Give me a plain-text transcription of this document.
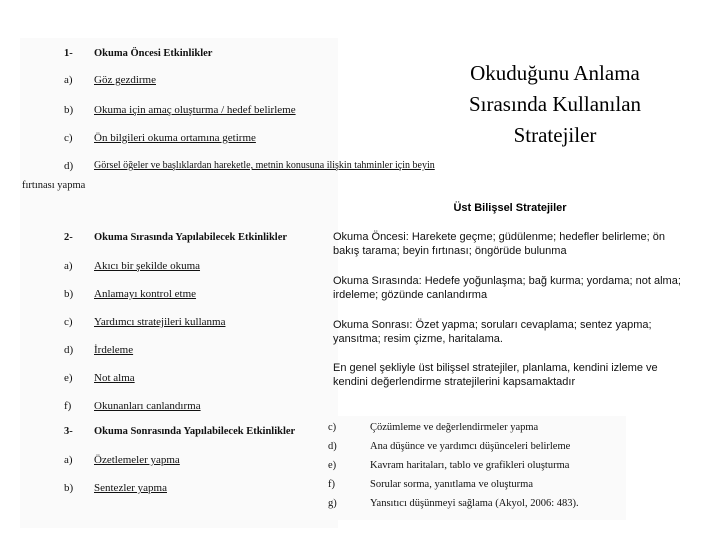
1-	Okuma Öncesi Etkinlikler
a)	Göz gezdirme
b)	Okuma için amaç oluşturma / hedef belirleme
c)	Ön bilgileri okuma ortamına getirme
d)	Görsel öğeler ve başlıklardan hareketle, metnin konusuna ilişkin tahminler için beyin
fırtınası yapma
2-	Okuma Sırasında Yapılabilecek Etkinlikler
a)	Akıcı bir şekilde okuma
b)	Anlamayı kontrol etme
c)	Yardımcı stratejileri kullanma
d)	İrdeleme
e)	Not alma
f)	Okunanları canlandırma
3-	Okuma Sonrasında Yapılabilecek Etkinlikler
a)	Özetlemeler yapma
b)	Sentezler yapma
Okuduğunu Anlama
Sırasında Kullanılan
Stratejiler
Üst Bilişsel Stratejiler
Okuma Öncesi: Harekete geçme; güdülenme; hedefler belirleme; ön bakış tarama; beyin fırtınası; öngörüde bulunma
Okuma Sırasında: Hedefe yoğunlaşma; bağ kurma; yordama; not alma; irdeleme; gözünde canlandırma
Okuma Sonrası: Özet yapma; soruları cevaplama; sentez yapma; yansıtma; resim çizme, haritalama.
En genel şekliyle üst bilişsel stratejiler, planlama, kendini izleme ve kendini değerlendirme stratejilerini kapsamaktadır
c)	Çözümleme ve değerlendirmeler yapma
d)	Ana düşünce ve yardımcı düşünceleri belirleme
e)	Kavram haritaları, tablo ve grafikleri oluşturma
f)	Sorular sorma, yanıtlama ve oluşturma
g)	Yansıtıcı düşünmeyi sağlama (Akyol, 2006: 483).
